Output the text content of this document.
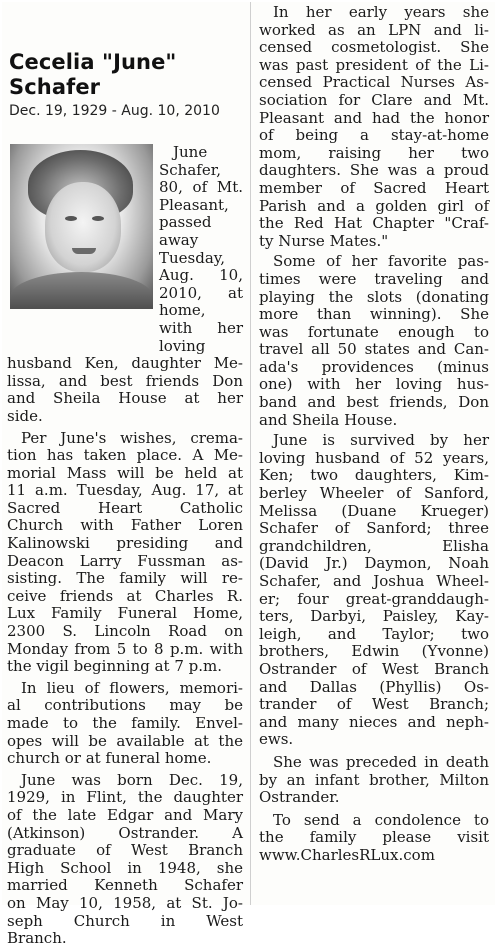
Cecelia "June"
Schafer
Dec. 19, 1929 - Aug. 10, 2010
June
Schafer,
80, of Mt.
Pleasant,
passed
away
Tuesday,
Aug. 10,
2010, at
home,
with her
loving
husband Ken, daughter Me-
lissa, and best friends Don
and Sheila House at her
side.
Per June's wishes, crema-
tion has taken place. A Me-
morial Mass will be held at
11 a.m. Tuesday, Aug. 17, at
Sacred Heart Catholic
Church with Father Loren
Kalinowski presiding and
Deacon Larry Fussman as-
sisting. The family will re-
ceive friends at Charles R.
Lux Family Funeral Home,
2300 S. Lincoln Road on
Monday from 5 to 8 p.m. with
the vigil beginning at 7 p.m.
In lieu of flowers, memori-
al contributions may be
made to the family. Envel-
opes will be available at the
church or at funeral home.
June was born Dec. 19,
1929, in Flint, the daughter
of the late Edgar and Mary
(Atkinson) Ostrander. A
graduate of West Branch
High School in 1948, she
married Kenneth Schafer
on May 10, 1958, at St. Jo-
seph Church in West
Branch.
In her early years she
worked as an LPN and li-
censed cosmetologist. She
was past president of the Li-
censed Practical Nurses As-
sociation for Clare and Mt.
Pleasant and had the honor
of being a stay-at-home
mom, raising her two
daughters. She was a proud
member of Sacred Heart
Parish and a golden girl of
the Red Hat Chapter "Craf-
ty Nurse Mates."
Some of her favorite pas-
times were traveling and
playing the slots (donating
more than winning). She
was fortunate enough to
travel all 50 states and Can-
ada's providences (minus
one) with her loving hus-
band and best friends, Don
and Sheila House.
June is survived by her
loving husband of 52 years,
Ken; two daughters, Kim-
berley Wheeler of Sanford,
Melissa (Duane Krueger)
Schafer of Sanford; three
grandchildren, Elisha
(David Jr.) Daymon, Noah
Schafer, and Joshua Wheel-
er; four great-granddaugh-
ters, Darbyi, Paisley, Kay-
leigh, and Taylor; two
brothers, Edwin (Yvonne)
Ostrander of West Branch
and Dallas (Phyllis) Os-
trander of West Branch;
and many nieces and neph-
ews.
She was preceded in death
by an infant brother, Milton
Ostrander.
To send a condolence to
the family please visit
www.CharlesRLux.com
